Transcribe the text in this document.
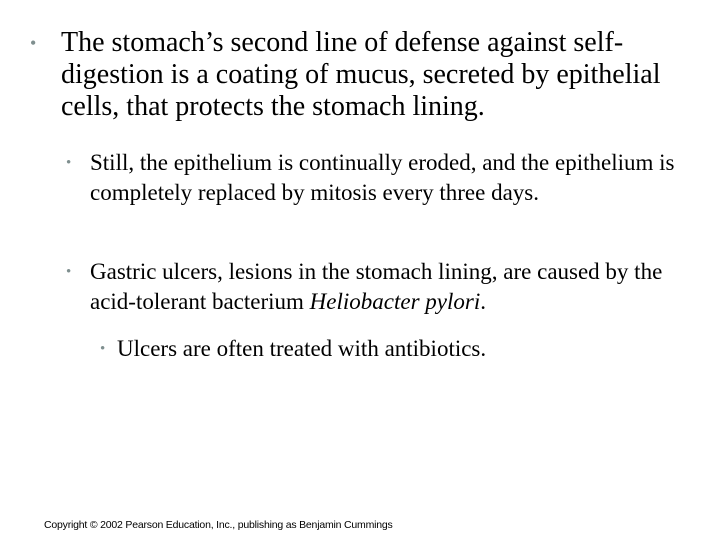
• The stomach’s second line of defense against self-digestion is a coating of mucus, secreted by epithelial cells, that protects the stomach lining.
• Still, the epithelium is continually eroded, and the epithelium is completely replaced by mitosis every three days.
• Gastric ulcers, lesions in the stomach lining, are caused by the acid-tolerant bacterium Heliobacter pylori.
• Ulcers are often treated with antibiotics.
Copyright © 2002 Pearson Education, Inc., publishing as Benjamin Cummings
